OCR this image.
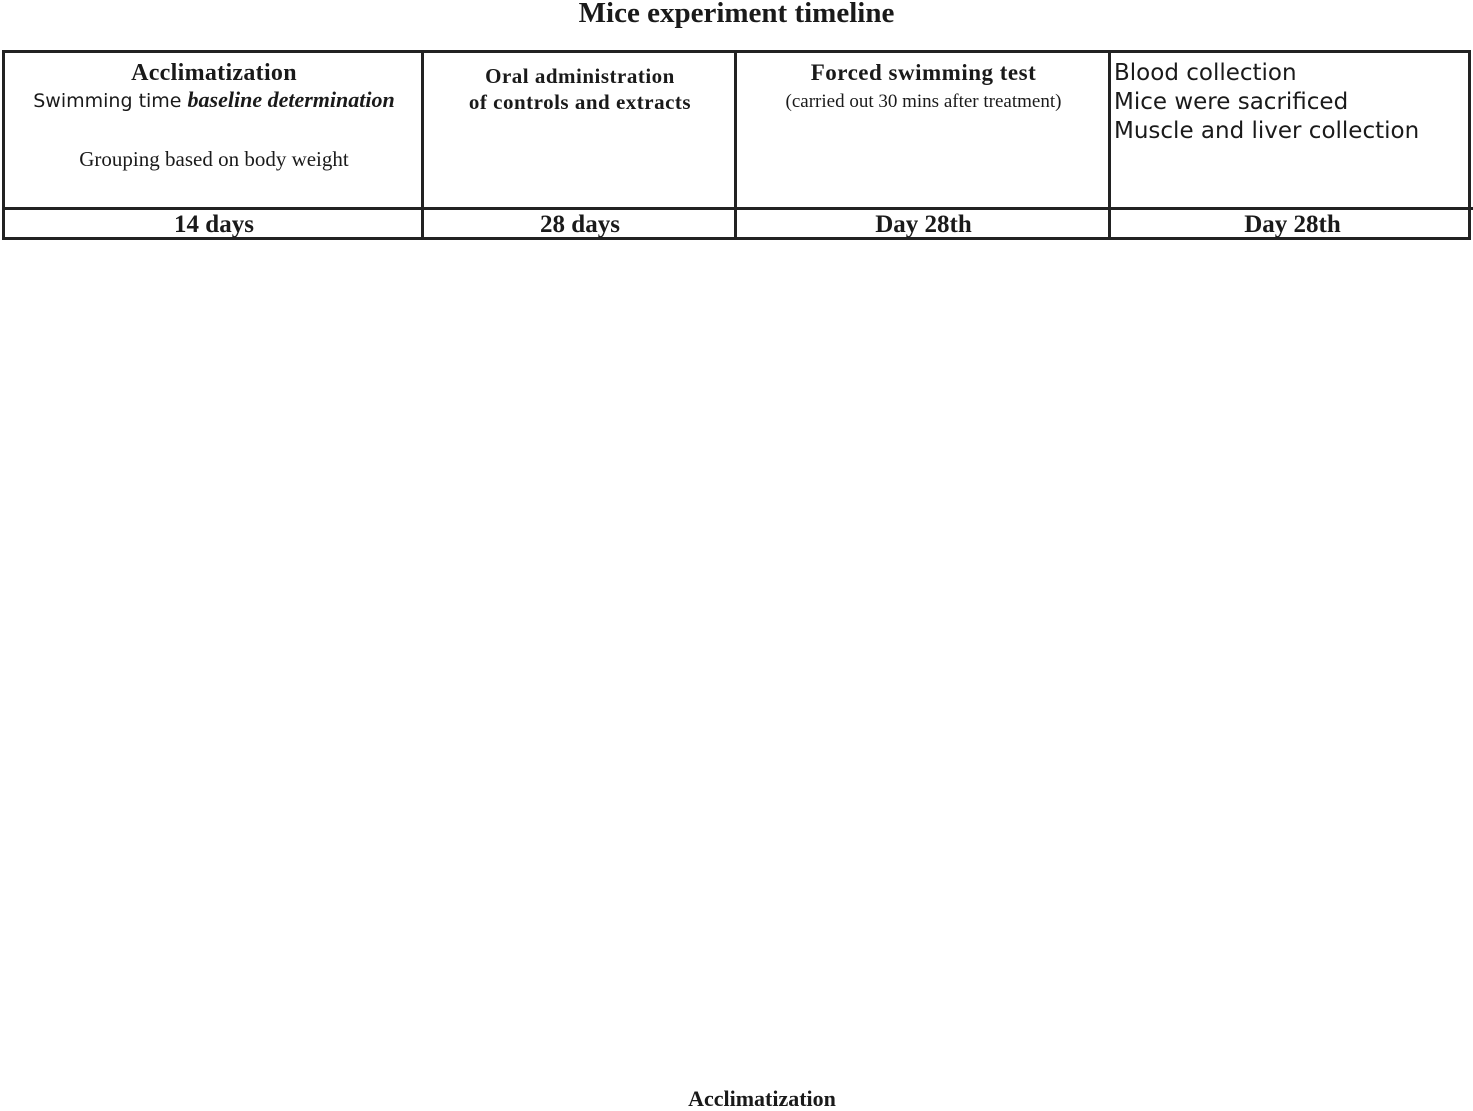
Mice experiment timeline
Acclimatization
Swimming time baseline determination
Grouping based on body weight
14 days
Oral administration
of controls and extracts
28 days
Forced swimming test
(carried out 30 mins after treatment)
Day 28th
Blood collection
Mice were sacrificed
Muscle and liver collection
Day 28th
Acclimatization
